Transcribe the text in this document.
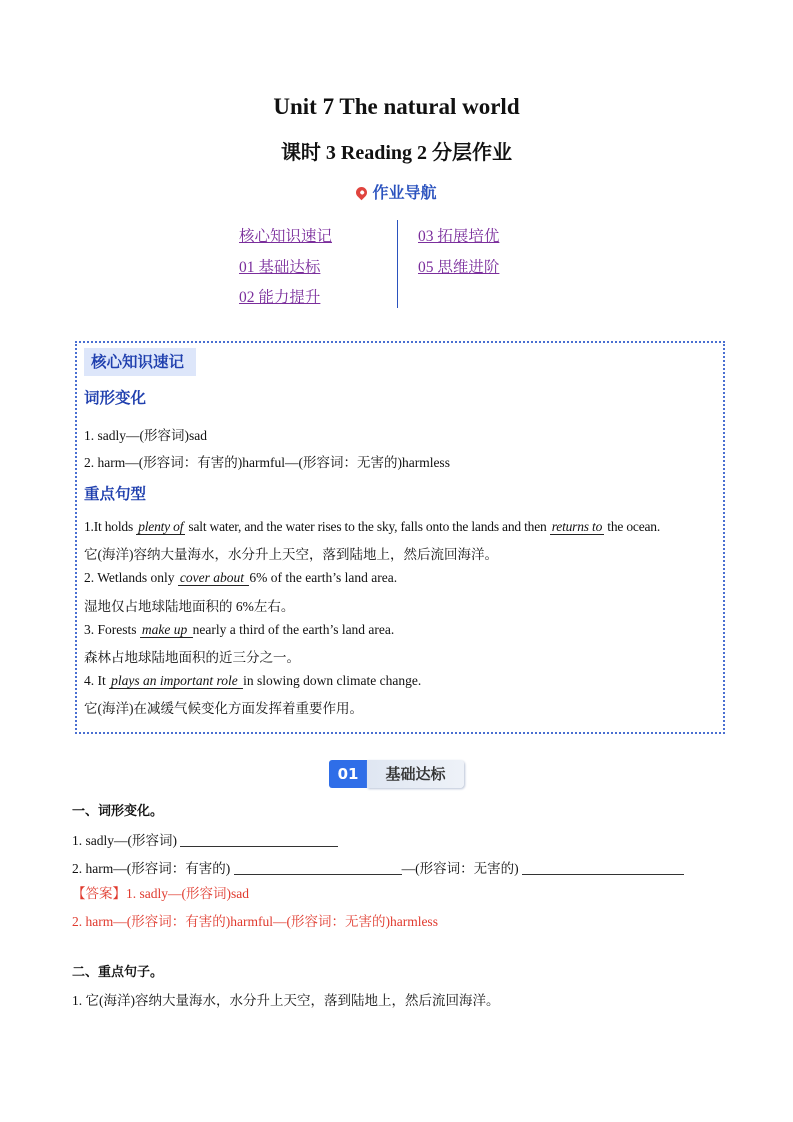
Unit 7 The natural world
课时 3 Reading 2 分层作业
作业导航
核心知识速记
01 基础达标
02 能力提升
03 拓展培优
05 思维进阶
核心知识速记
词形变化
1. sadly—(形容词)sad
2. harm—(形容词：有害的)harmful—(形容词：无害的)harmless
重点句型
1.It holds plenty of salt water, and the water rises to the sky, falls onto the lands and then returns to the ocean.
它(海洋)容纳大量海水，水分升上天空，落到陆地上，然后流回海洋。
2. Wetlands only cover about 6% of the earth’s land area.
湿地仅占地球陆地面积的 6%左右。
3. Forests make up nearly a third of the earth’s land area.
森林占地球陆地面积的近三分之一。
4. It plays an important role in slowing down climate change.
它(海洋)在减缓气候变化方面发挥着重要作用。
01	基础达标
一、词形变化。
1. sadly—(形容词)
2. harm—(形容词：有害的)	—(形容词：无害的)
【答案】1. sadly—(形容词)sad
2. harm—(形容词：有害的)harmful—(形容词：无害的)harmless
二、重点句子。
1. 它(海洋)容纳大量海水，水分升上天空，落到陆地上，然后流回海洋。
